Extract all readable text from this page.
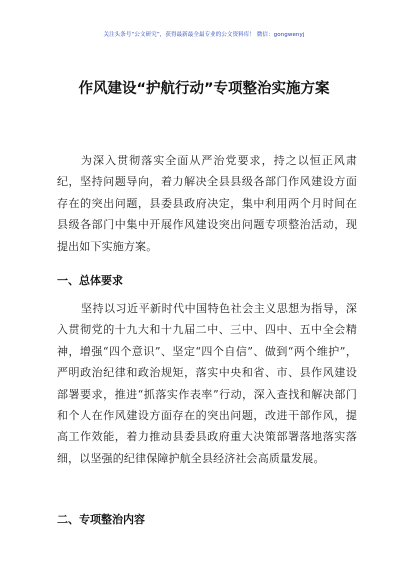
关注头条号“公文研究”，获得最新最全最专业的公文资料库！ 微信：gongwenyj
作风建设“护航行动”专项整治实施方案
为深入贯彻落实全面从严治党要求，持之以恒正风肃纪，坚持问题导向，着力解决全县县级各部门作风建设方面存在的突出问题，县委县政府决定，集中利用两个月时间在县级各部门中集中开展作风建设突出问题专项整治活动，现提出如下实施方案。
一、总体要求
坚持以习近平新时代中国特色社会主义思想为指导，深入贯彻党的十九大和十九届二中、三中、四中、五中全会精神，增强“四个意识”、坚定“四个自信”、做到“两个维护”，严明政治纪律和政治规矩，落实中央和省、市、县作风建设部署要求，推进“抓落实作表率”行动，深入查找和解决部门和个人在作风建设方面存在的突出问题，改进干部作风，提高工作效能，着力推动县委县政府重大决策部署落地落实落细，以坚强的纪律保障护航全县经济社会高质量发展。
二、专项整治内容
